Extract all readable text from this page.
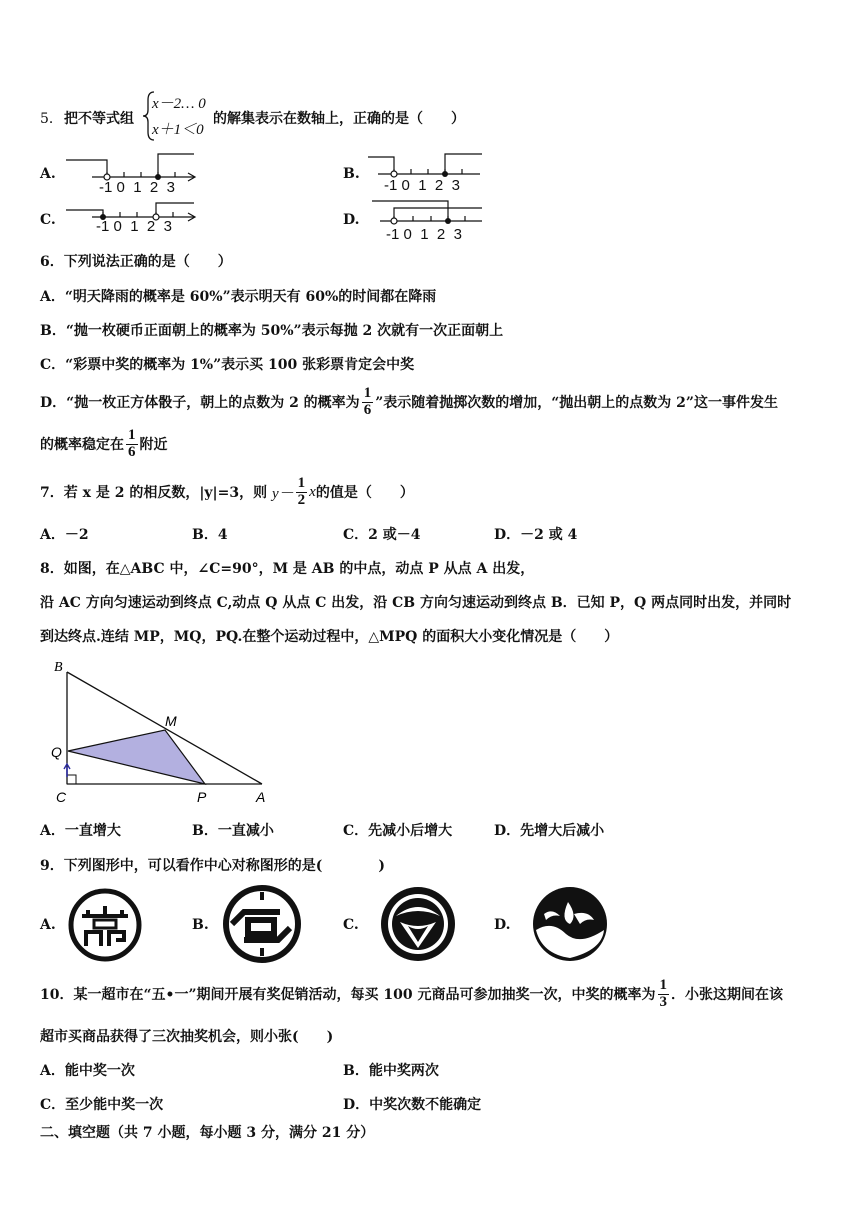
5． 把不等式组
x－2… 0
x＋1＜0
的解集表示在数轴上，正确的是（　　）
A.
-1 0 1 2 3
B.
-1 0 1 2 3
C.	-1 0 1 2 3	D.
-1 0 1 2 3
6．下列说法正确的是（　　）
A．“明天降雨的概率是 60%”表示明天有 60%的时间都在降雨
B．“抛一枚硬币正面朝上的概率为 50%”表示每抛 2 次就有一次正面朝上
C．“彩票中奖的概率为 1%”表示买 100 张彩票肯定会中奖
D．“抛一枚正方体骰子，朝上的点数为 2 的概率为 $\frac{1}{6}$ ”表示随着抛掷次数的增加，“抛出朝上的点数为 2”这一事件发生
的概率稳定在 $\frac{1}{6}$ 附近
7．若 x 是 2 的相反数，|y|=3，则
$y- \frac{1}{2}$ x 的值是（　　）
A．－2	B．4	C．2 或－4	D．－2 或 4
8．如图，在△ABC 中，∠C=90°，M 是 AB 的中点，动点 P 从点 A 出发，
沿 AC 方向匀速运动到终点 C,动点 Q 从点 C 出发，沿 CB 方向匀速运动到终点 B．已知 P，Q 两点同时出发，并同时
到达终点.连结 MP，MQ，PQ.在整个运动过程中，△MPQ 的面积大小变化情况是（　　）
B
M
Q
C	P	A
A．一直增大	B．一直减小	C．先减小后增大	D．先增大后减小
9．下列图形中，可以看作中心对称图形的是(　　　　)
A.	B.	C.	D.
10．某一超市在“五•一”期间开展有奖促销活动，每买 100 元商品可参加抽奖一次，中奖的概率为 $\frac{1}{3}$ ．小张这期间在该
超市买商品获得了三次抽奖机会，则小张(　　)
A．能中奖一次	B．能中奖两次
C．至少能中奖一次	D．中奖次数不能确定
二、填空题（共 7 小题，每小题 3 分，满分 21 分）
